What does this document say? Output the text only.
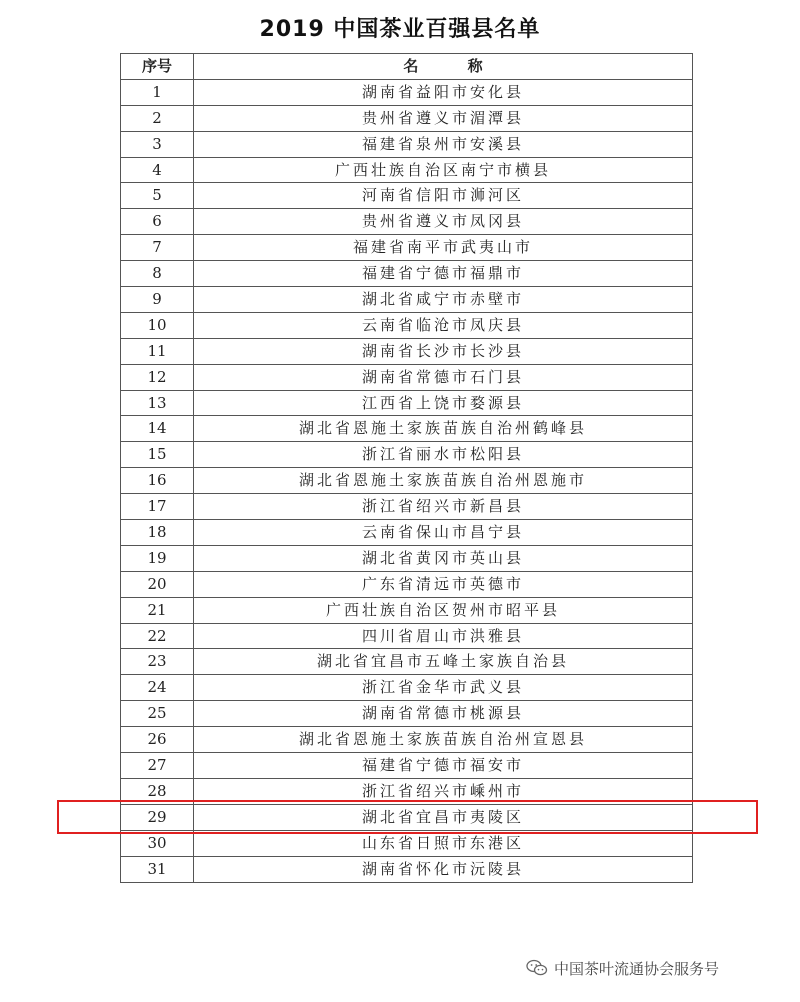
2019 中国茶业百强县名单
序号	名 称
1	湖南省益阳市安化县
2	贵州省遵义市湄潭县
3	福建省泉州市安溪县
4	广西壮族自治区南宁市横县
5	河南省信阳市浉河区
6	贵州省遵义市凤冈县
7	福建省南平市武夷山市
8	福建省宁德市福鼎市
9	湖北省咸宁市赤壁市
10	云南省临沧市凤庆县
11	湖南省长沙市长沙县
12	湖南省常德市石门县
13	江西省上饶市婺源县
14	湖北省恩施土家族苗族自治州鹤峰县
15	浙江省丽水市松阳县
16	湖北省恩施土家族苗族自治州恩施市
17	浙江省绍兴市新昌县
18	云南省保山市昌宁县
19	湖北省黄冈市英山县
20	广东省清远市英德市
21	广西壮族自治区贺州市昭平县
22	四川省眉山市洪雅县
23	湖北省宜昌市五峰土家族自治县
24	浙江省金华市武义县
25	湖南省常德市桃源县
26	湖北省恩施土家族苗族自治州宣恩县
27	福建省宁德市福安市
28	浙江省绍兴市嵊州市
29	湖北省宜昌市夷陵区
30	山东省日照市东港区
31	湖南省怀化市沅陵县
中国茶叶流通协会服务号
